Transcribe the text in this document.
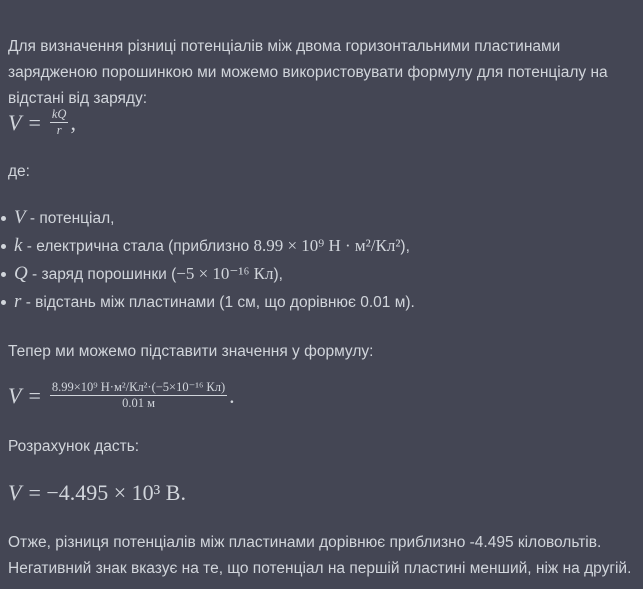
Для визначення різниці потенціалів між двома горизонтальними пластинами зарядженою порошинкою ми можемо використовувати формулу для потенціалу на відстані від заряду:

$V = \frac{kQ}{r}$ ,

де:

V - потенціал,
k - електрична стала (приблизно 8.99 × 10⁹ Н · м²/Кл²),
Q - заряд порошинки (−5 × 10⁻¹⁶ Кл),
r - відстань між пластинами (1 см, що дорівнює 0.01 м).

Тепер ми можемо підставити значення у формулу:

$V = \frac{\text{8.99×10⁹ Н·м²/Кл²·(−5×10⁻¹⁶ Кл)}}{0.01 м}$ .

Розрахунок дасть:

V = −4.495 × 10³ В.

Отже, різниця потенціалів між пластинами дорівнює приблизно -4.495 кіловольтів. Негативний знак вказує на те, що потенціал на першій пластині менший, ніж на другій.
